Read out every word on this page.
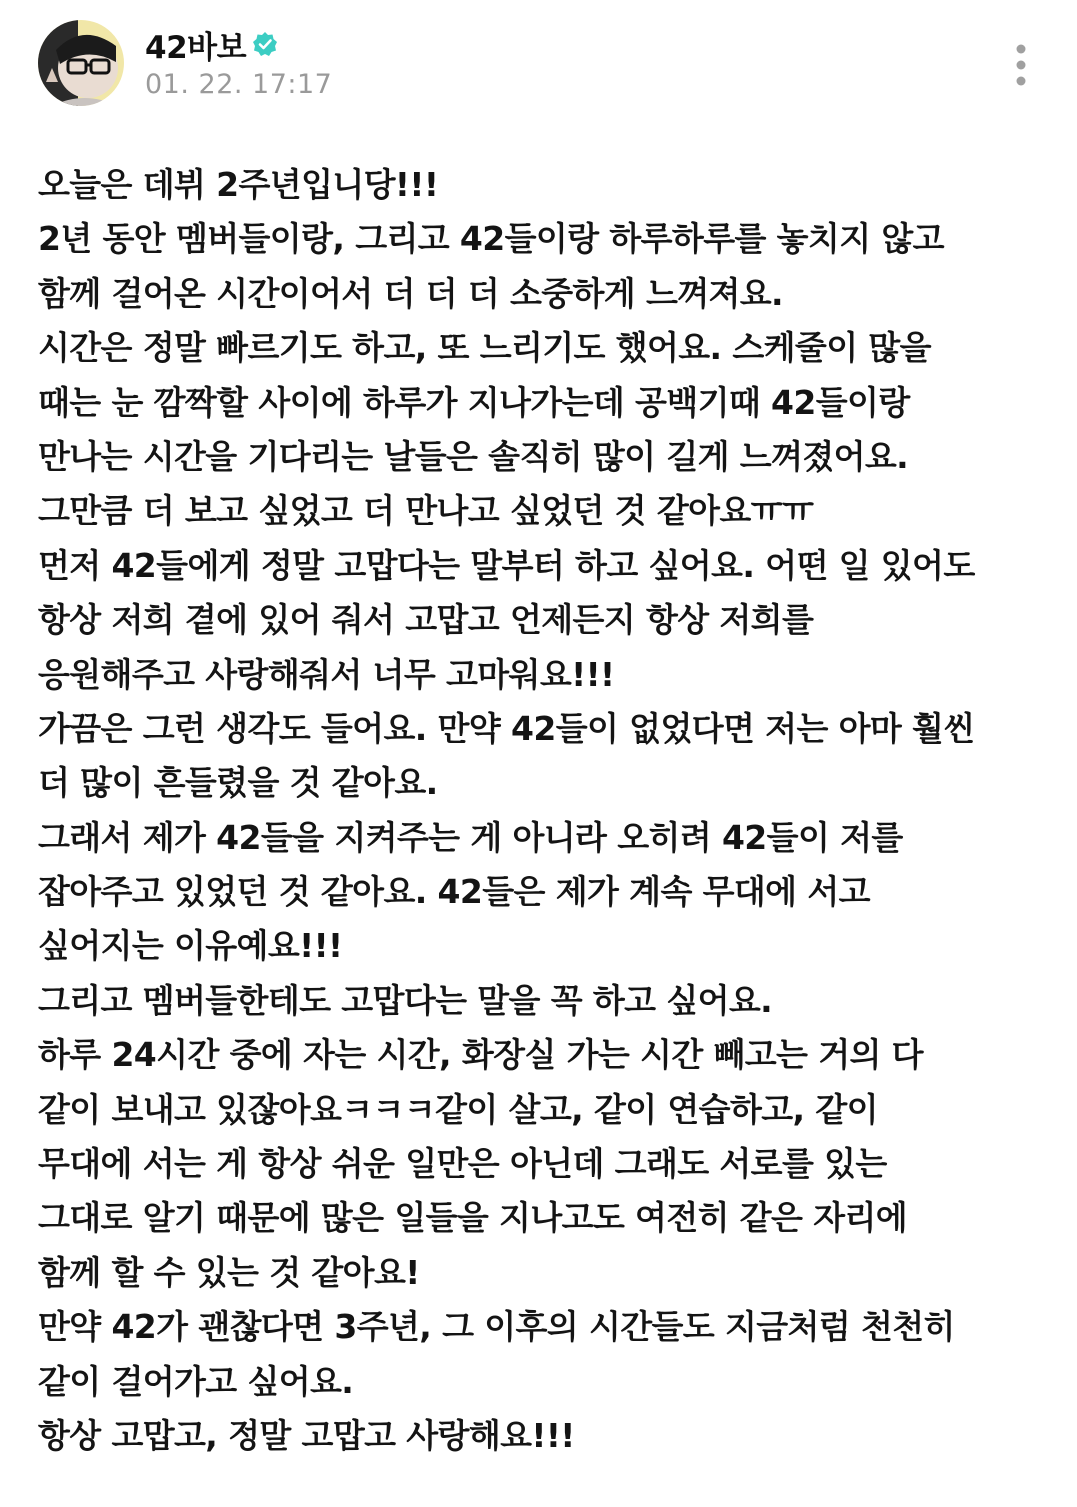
42바보
01. 22. 17:17
오늘은 데뷔 2주년입니당!!!
2년 동안 멤버들이랑, 그리고 42들이랑 하루하루를 놓치지 않고
함께 걸어온 시간이어서 더 더 더 소중하게 느껴져요.
시간은 정말 빠르기도 하고, 또 느리기도 했어요. 스케줄이 많을
때는 눈 깜짝할 사이에 하루가 지나가는데 공백기때 42들이랑
만나는 시간을 기다리는 날들은 솔직히 많이 길게 느껴졌어요.
그만큼 더 보고 싶었고 더 만나고 싶었던 것 같아요ㅠㅠ
먼저 42들에게 정말 고맙다는 말부터 하고 싶어요. 어떤 일 있어도
항상 저희 곁에 있어 줘서 고맙고 언제든지 항상 저희를
응원해주고 사랑해줘서 너무 고마워요!!!
가끔은 그런 생각도 들어요. 만약 42들이 없었다면 저는 아마 훨씬
더 많이 흔들렸을 것 같아요.
그래서 제가 42들을 지켜주는 게 아니라 오히려 42들이 저를
잡아주고 있었던 것 같아요. 42들은 제가 계속 무대에 서고
싶어지는 이유예요!!!
그리고 멤버들한테도 고맙다는 말을 꼭 하고 싶어요.
하루 24시간 중에 자는 시간, 화장실 가는 시간 빼고는 거의 다
같이 보내고 있잖아요ㅋㅋㅋ같이 살고, 같이 연습하고, 같이
무대에 서는 게 항상 쉬운 일만은 아닌데 그래도 서로를 있는
그대로 알기 때문에 많은 일들을 지나고도 여전히 같은 자리에
함께 할 수 있는 것 같아요!
만약 42가 괜찮다면 3주년, 그 이후의 시간들도 지금처럼 천천히
같이 걸어가고 싶어요.
항상 고맙고, 정말 고맙고 사랑해요!!!
